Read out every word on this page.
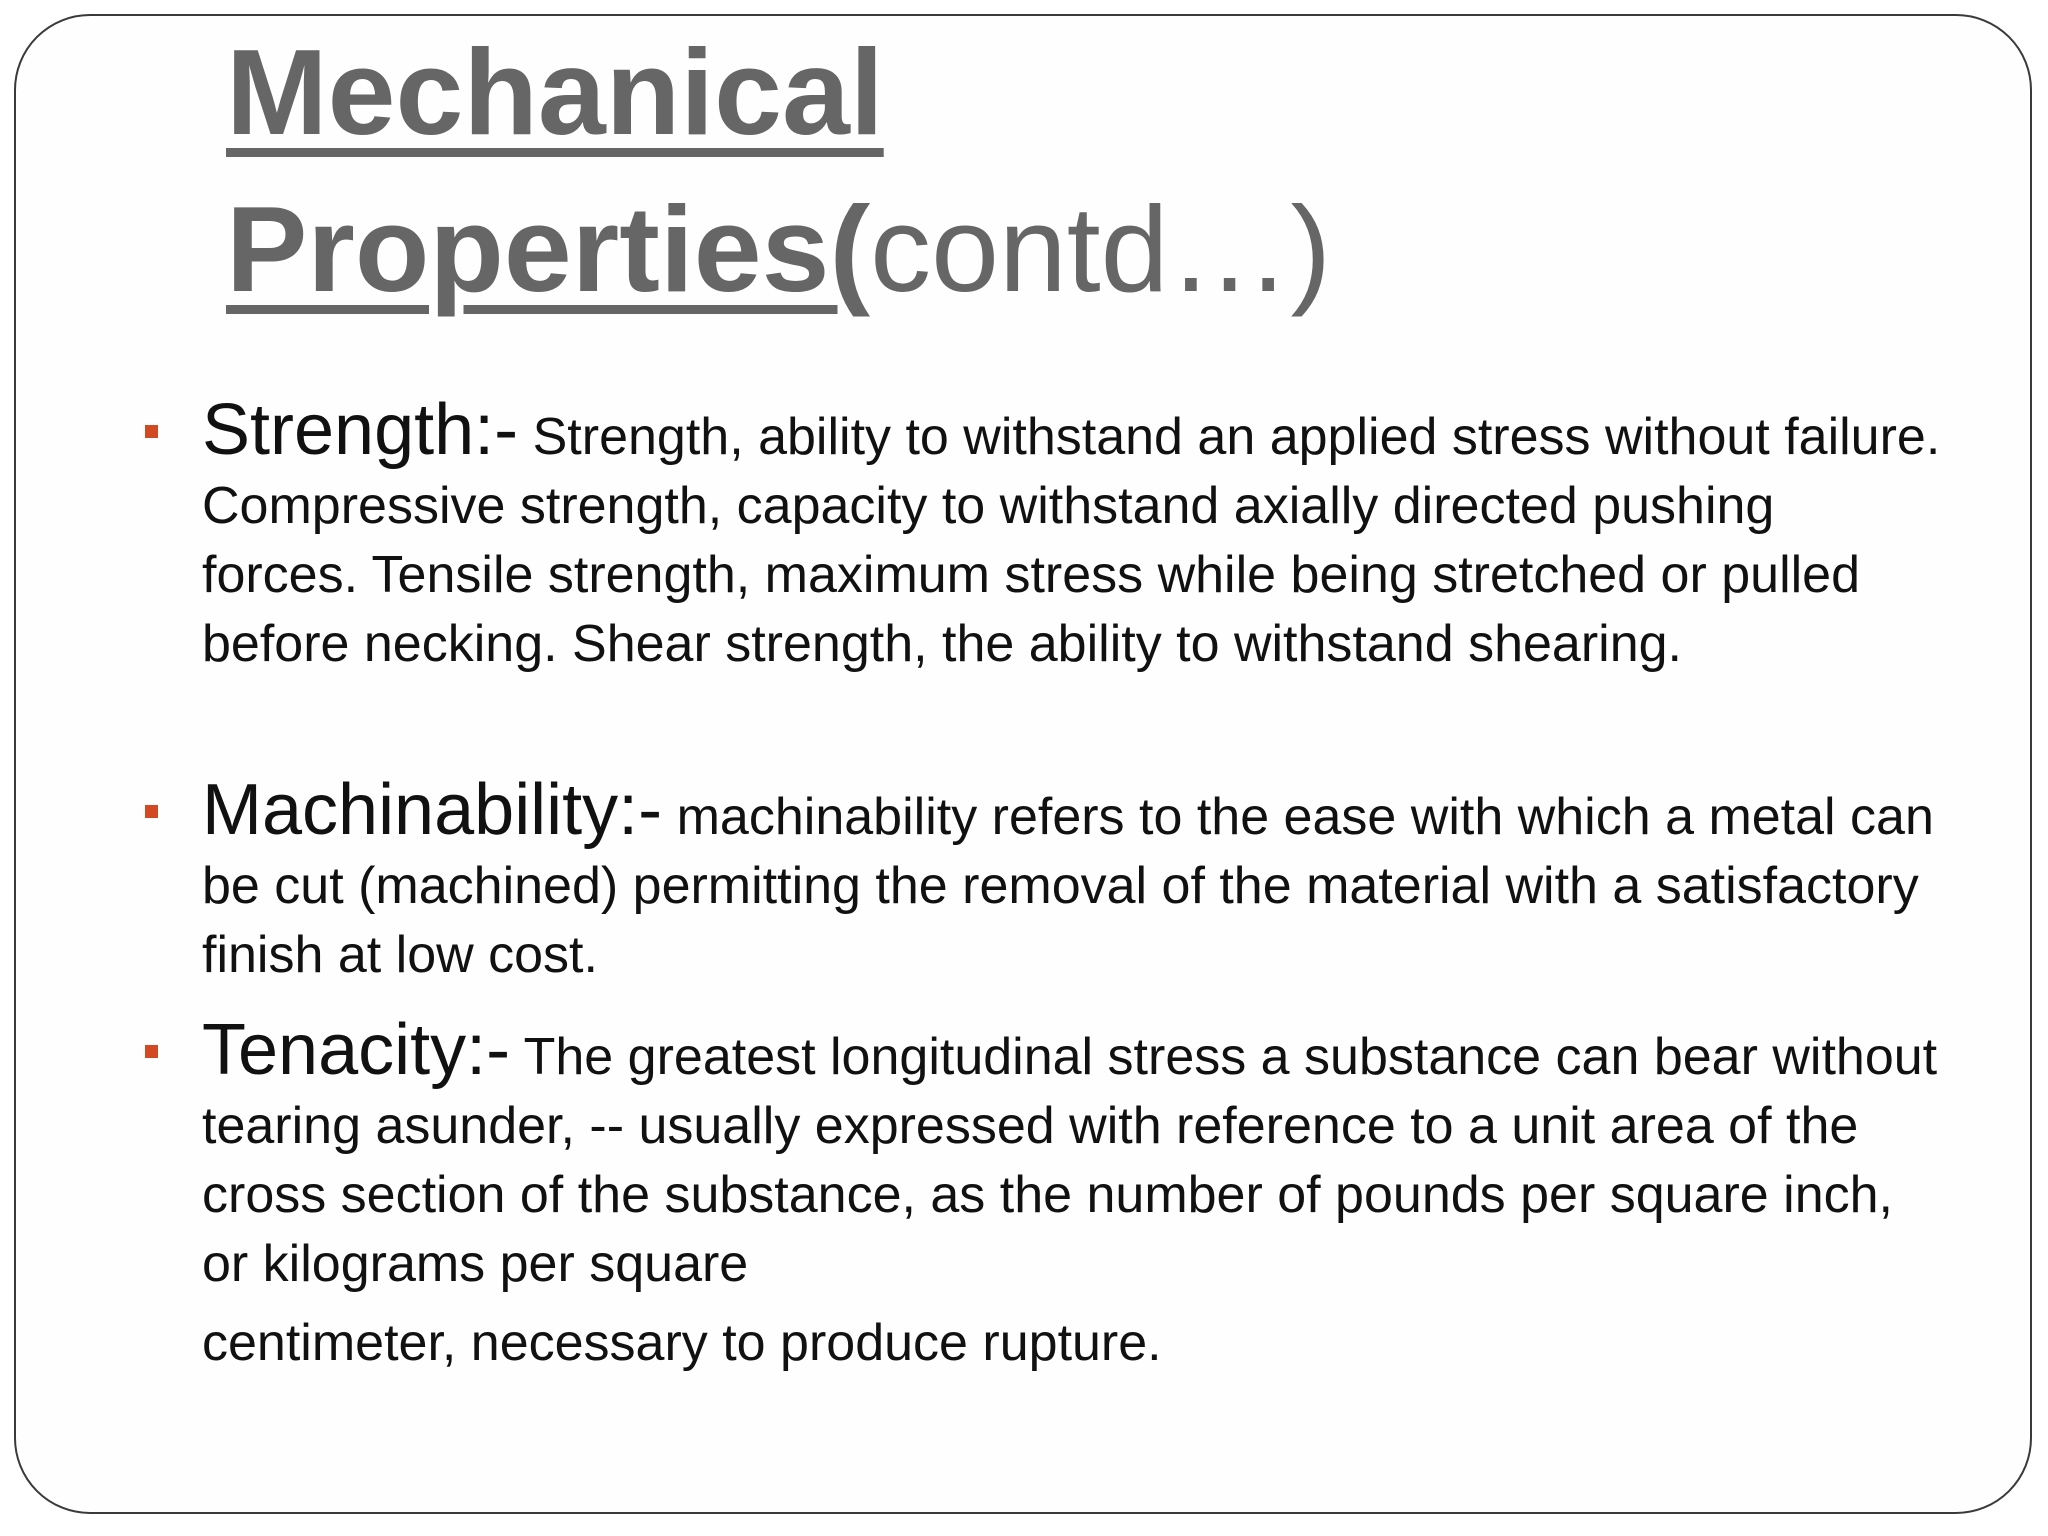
Mechanical
Properties(contd…)
Strength:- Strength, ability to withstand an applied stress without failure. Compressive strength, capacity to withstand axially directed pushing forces. Tensile strength, maximum stress while being stretched or pulled before necking. Shear strength, the ability to withstand shearing.
Machinability:- machinability refers to the ease with which a metal can be cut (machined) permitting the removal of the material with a satisfactory finish at low cost.
Tenacity:- The greatest longitudinal stress a substance can bear without tearing asunder, -- usually expressed with reference to a unit area of the cross section of the substance, as the number of pounds per square inch, or kilograms per square
centimeter, necessary to produce rupture.
